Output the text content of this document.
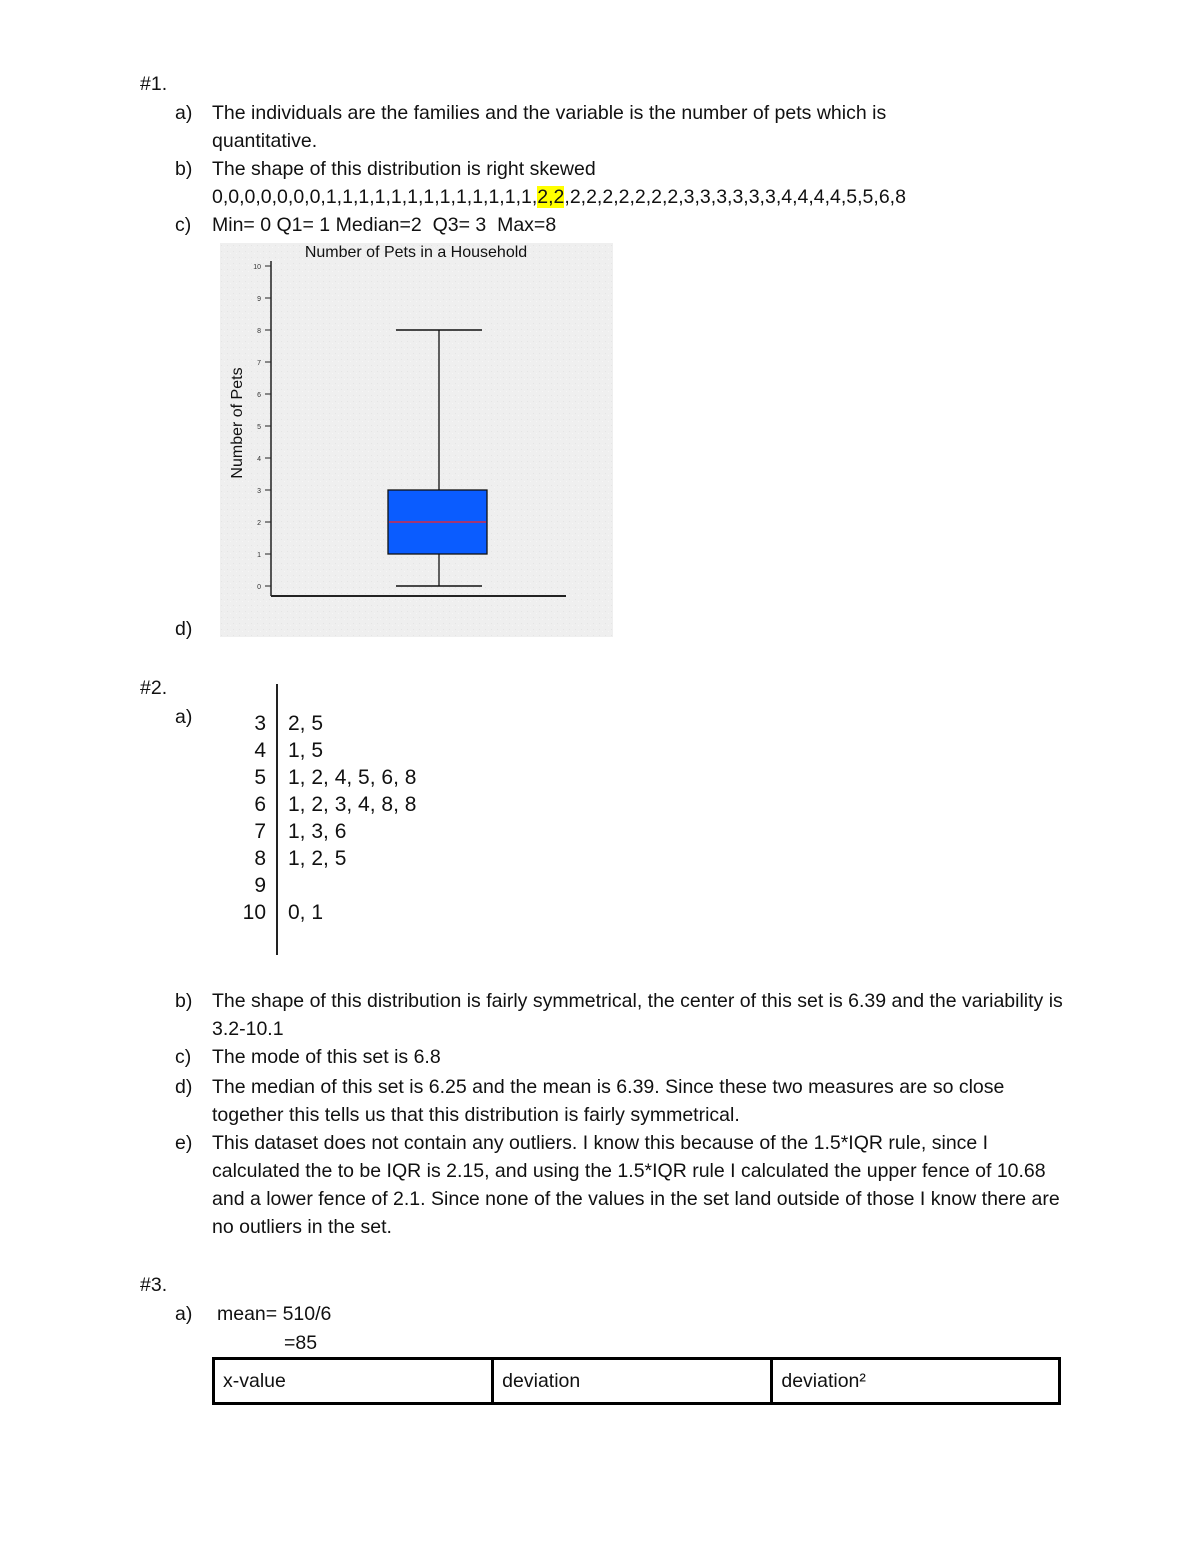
#1.
a) The individuals are the families and the variable is the number of pets which is quantitative.
b) The shape of this distribution is right skewed
0,0,0,0,0,0,0,1,1,1,1,1,1,1,1,1,1,1,1,1,2,2,2,2,2,2,2,2,2,3,3,3,3,3,3,4,4,4,4,5,5,6,8
c) Min= 0 Q1= 1 Median=2  Q3= 3  Max=8
d)
Number of Pets in a Household
Number of Pets
0
1
2
3
4
5
6
7
8
9
10
#2.
a)	3 2, 5
4 1, 5
5 1, 2, 4, 5, 6, 8
6 1, 2, 3, 4, 8, 8
7 1, 3, 6
8 1, 2, 5
9
10 0, 1
b) The shape of this distribution is fairly symmetrical, the center of this set is 6.39 and the variability is 3.2-10.1
c) The mode of this set is 6.8
d) The median of this set is 6.25 and the mean is 6.39. Since these two measures are so close together this tells us that this distribution is fairly symmetrical.
e) This dataset does not contain any outliers. I know this because of the 1.5*IQR rule, since I calculated the to be IQR is 2.15, and using the 1.5*IQR rule I calculated the upper fence of 10.68 and a lower fence of 2.1. Since none of the values in the set land outside of those I know there are no outliers in the set.
#3.
a) mean= 510/6
=85
x-value	deviation	deviation²
